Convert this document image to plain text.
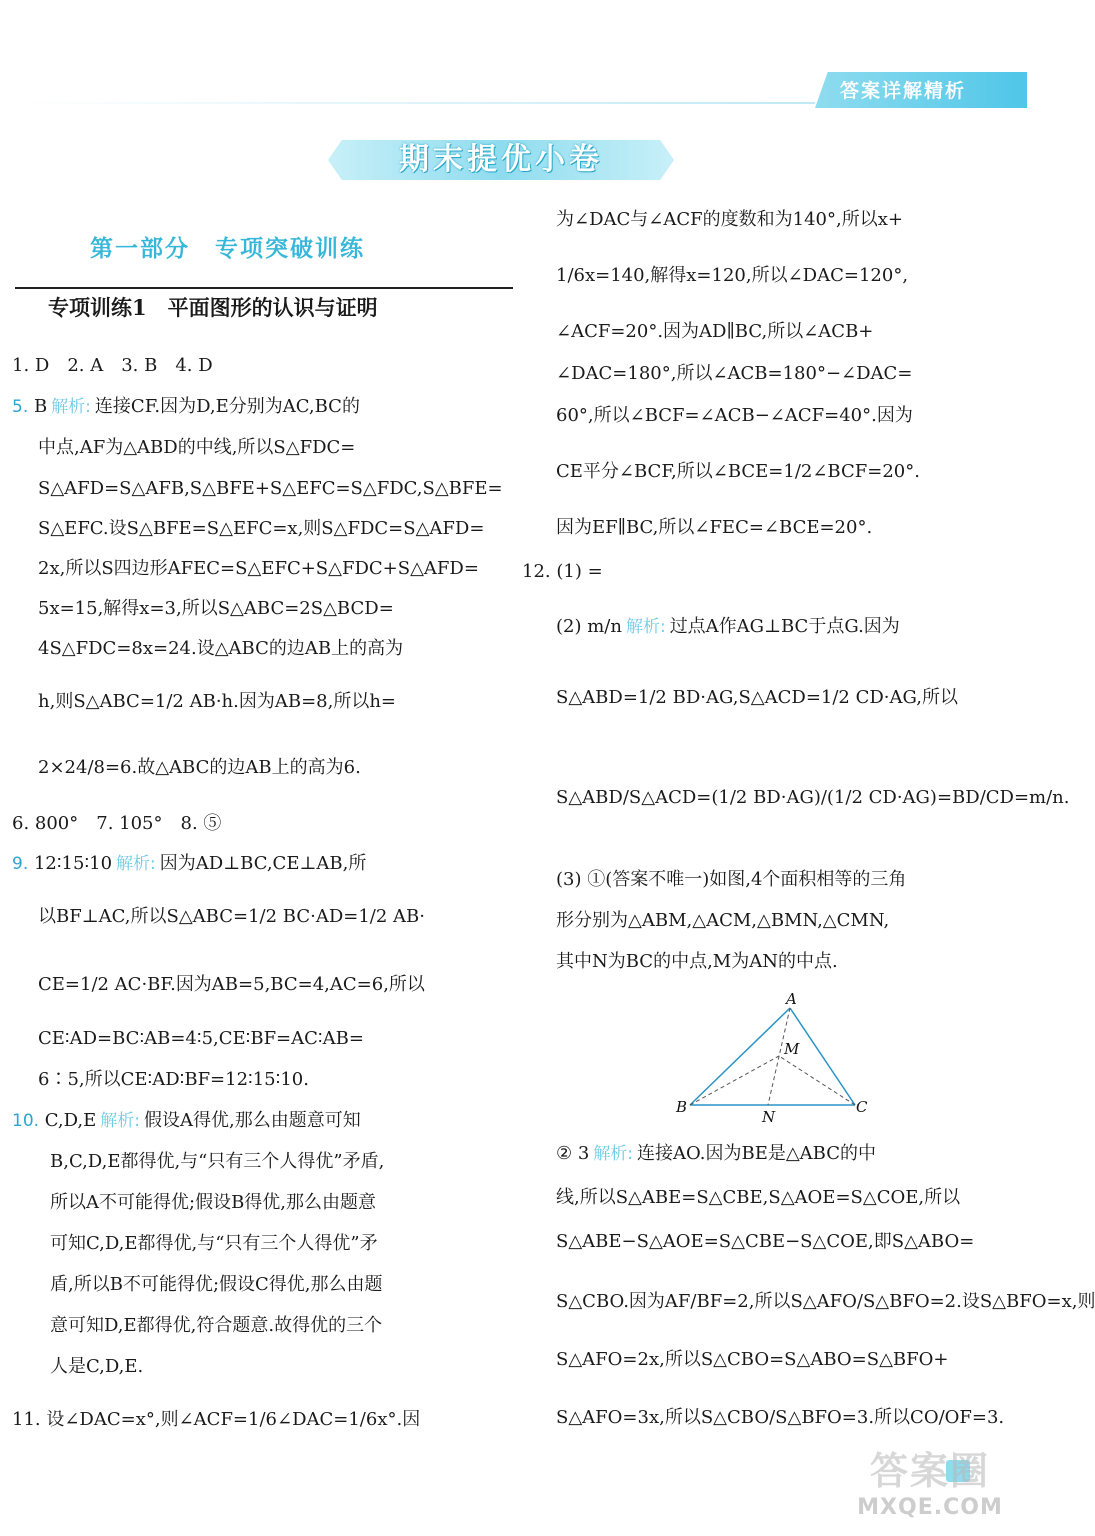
答案详解精析
期末提优小卷
第一部分　专项突破训练
专项训练1　平面图形的认识与证明
1. D　2. A　3. B　4. D
5. B 解析: 连接CF.因为D,E分别为AC,BC的
中点,AF为△ABD的中线,所以S△FDC=
S△AFD=S△AFB,S△BFE+S△EFC=S△FDC,S△BFE=
S△EFC.设S△BFE=S△EFC=x,则S△FDC=S△AFD=
2x,所以S四边形AFEC=S△EFC+S△FDC+S△AFD=
5x=15,解得x=3,所以S△ABC=2S△BCD=
4S△FDC=8x=24.设△ABC的边AB上的高为
h,则S△ABC=1/2 AB·h.因为AB=8,所以h=
2×24/8=6.故△ABC的边AB上的高为6.
6. 800°　7. 105°　8. ⑤
9. 12∶15∶10 解析: 因为AD⊥BC,CE⊥AB,所
以BF⊥AC,所以S△ABC=1/2 BC·AD=1/2 AB·
CE=1/2 AC·BF.因为AB=5,BC=4,AC=6,所以
CE∶AD=BC∶AB=4∶5,CE∶BF=AC∶AB=
6∶5,所以CE∶AD∶BF=12∶15∶10.
10. C,D,E 解析: 假设A得优,那么由题意可知
B,C,D,E都得优,与“只有三个人得优”矛盾,
所以A不可能得优;假设B得优,那么由题意
可知C,D,E都得优,与“只有三个人得优”矛
盾,所以B不可能得优;假设C得优,那么由题
意可知D,E都得优,符合题意.故得优的三个
人是C,D,E.
11. 设∠DAC=x°,则∠ACF=1/6∠DAC=1/6x°.因
为∠DAC与∠ACF的度数和为140°,所以x+
1/6x=140,解得x=120,所以∠DAC=120°,
∠ACF=20°.因为AD∥BC,所以∠ACB+
∠DAC=180°,所以∠ACB=180°−∠DAC=
60°,所以∠BCF=∠ACB−∠ACF=40°.因为
CE平分∠BCF,所以∠BCE=1/2∠BCF=20°.
因为EF∥BC,所以∠FEC=∠BCE=20°.
12. (1) =
(2) m/n 解析: 过点A作AG⊥BC于点G.因为
S△ABD=1/2 BD·AG,S△ACD=1/2 CD·AG,所以
S△ABD/S△ACD=(1/2 BD·AG)/(1/2 CD·AG)=BD/CD=m/n.
(3) ①(答案不唯一)如图,4个面积相等的三角
形分别为△ABM,△ACM,△BMN,△CMN,
其中N为BC的中点,M为AN的中点.
A
M
B
N
C
② 3 解析: 连接AO.因为BE是△ABC的中
线,所以S△ABE=S△CBE,S△AOE=S△COE,所以
S△ABE−S△AOE=S△CBE−S△COE,即S△ABO=
S△CBO.因为AF/BF=2,所以S△AFO/S△BFO=2.设S△BFO=x,则
S△AFO=2x,所以S△CBO=S△ABO=S△BFO+
S△AFO=3x,所以S△CBO/S△BFO=3.所以CO/OF=3.
答案圈
MXQE.COM
